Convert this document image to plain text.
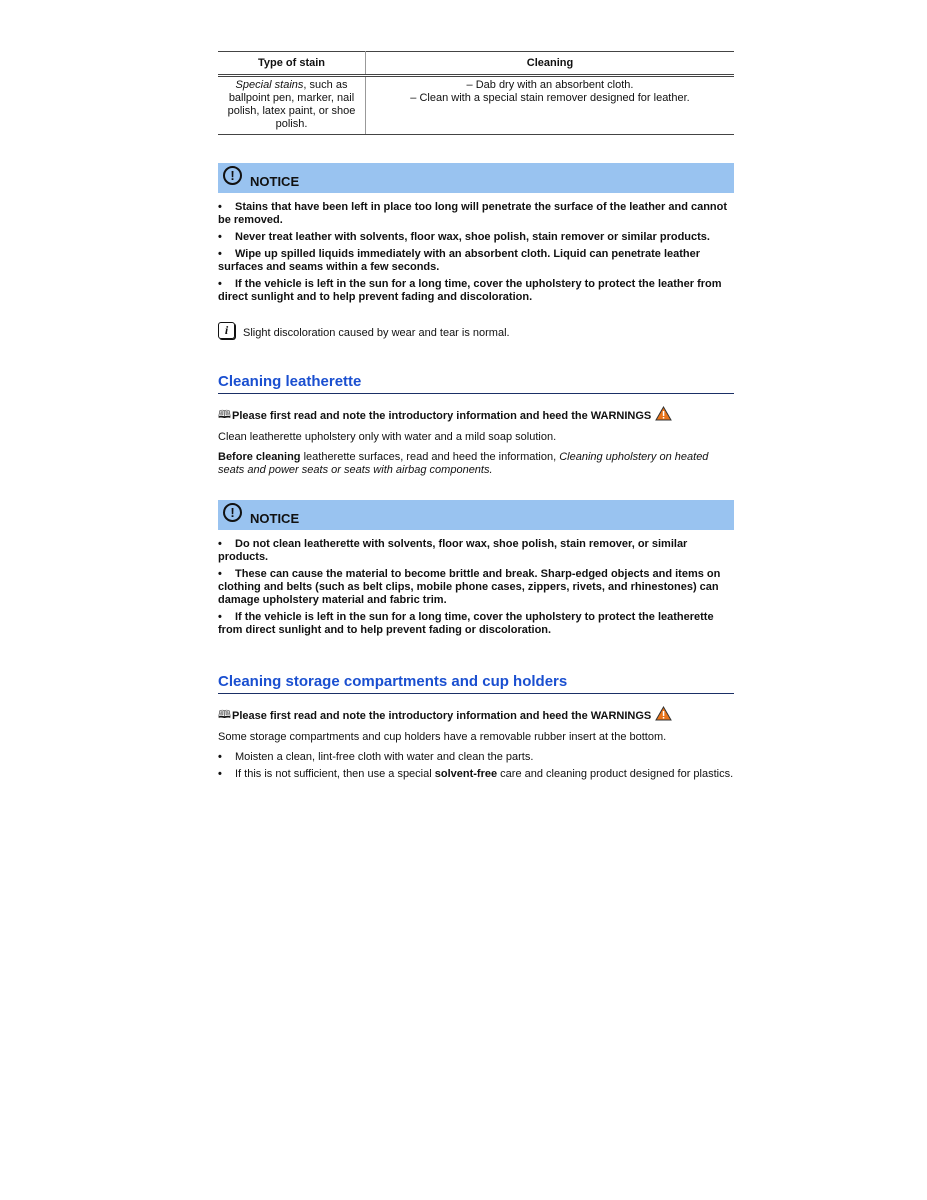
Type of stain	Cleaning
Special stains, such as ballpoint pen, marker, nail polish, latex paint, or shoe polish.	– Dab dry with an absorbent cloth.
– Clean with a special stain remover designed for leather.
!	NOTICE
• Stains that have been left in place too long will penetrate the surface of the leather and cannot be removed.
• Never treat leather with solvents, floor wax, shoe polish, stain remover or similar products.
• Wipe up spilled liquids immediately with an absorbent cloth. Liquid can penetrate leather surfaces and seams within a few seconds.
• If the vehicle is left in the sun for a long time, cover the upholstery to protect the leather from direct sunlight and to help prevent fading and discoloration.
i	Slight discoloration caused by wear and tear is normal.
Cleaning leatherette
🕮 Please first read and note the introductory information and heed the WARNINGS

Clean leatherette upholstery only with water and a mild soap solution.

Before cleaning leatherette surfaces, read and heed the information, Cleaning upholstery on heated seats and power seats or seats with airbag components.

!	NOTICE
• Do not clean leatherette with solvents, floor wax, shoe polish, stain remover, or similar products.
• These can cause the material to become brittle and break. Sharp-edged objects and items on clothing and belts (such as belt clips, mobile phone cases, zippers, rivets, and rhinestones) can damage upholstery material and fabric trim.
• If the vehicle is left in the sun for a long time, cover the upholstery to protect the leatherette from direct sunlight and to help prevent fading or discoloration.
Cleaning storage compartments and cup holders
🕮 Please first read and note the introductory information and heed the WARNINGS

Some storage compartments and cup holders have a removable rubber insert at the bottom.

• Moisten a clean, lint-free cloth with water and clean the parts.
• If this is not sufficient, then use a special solvent-free care and cleaning product designed for plastics.
